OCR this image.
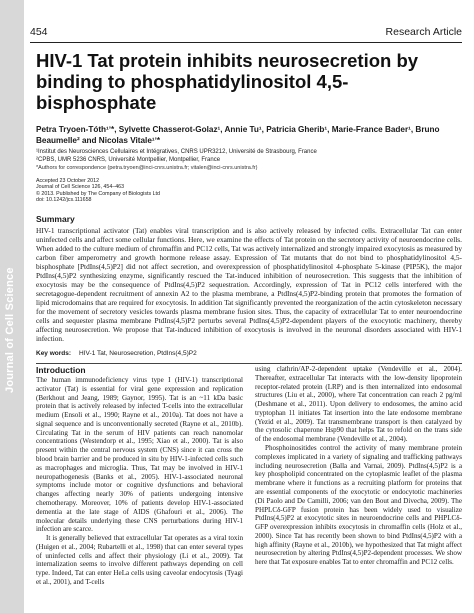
Journal of Cell Science
454	Research Article
HIV-1 Tat protein inhibits neurosecretion by binding to phosphatidylinositol 4,5-bisphosphate
Petra Tryoen-Tóth¹ʼ*, Sylvette Chasserot-Golaz¹, Annie Tu¹, Patricia Gherib¹, Marie-France Bader¹, Bruno Beaumelle² and Nicolas Vitale¹ʼ*
¹Institut des Neurosciences Cellulaires et Intégratives, CNRS UPR3212, Université de Strasbourg, France
²CPBS, UMR 5236 CNRS, Université Montpellier, Montpellier, France
*Authors for correspondence (petra.tryoen@inci-cnrs.unistra.fr; vitalen@inci-cnrs.unistra.fr)
Accepted 23 October 2012
Journal of Cell Science 126, 454–463
© 2013. Published by The Company of Biologists Ltd
doi: 10.1242/jcs.111658
Summary

HIV-1 transcriptional activator (Tat) enables viral transcription and is also actively released by infected cells. Extracellular Tat can enter uninfected cells and affect some cellular functions. Here, we examine the effects of Tat protein on the secretory activity of neuroendocrine cells. When added to the culture medium of chromaffin and PC12 cells, Tat was actively internalized and strongly impaired exocytosis as measured by carbon fiber amperometry and growth hormone release assay. Expression of Tat mutants that do not bind to phosphatidylinositol 4,5-bisphosphate [PtdIns(4,5)P2] did not affect secretion, and overexpression of phosphatidylinositol 4-phosphate 5-kinase (PIP5K), the major PtdIns(4,5)P2 synthesizing enzyme, significantly rescued the Tat-induced inhibition of neurosecretion. This suggests that the inhibition of exocytosis may be the consequence of PtdIns(4,5)P2 sequestration. Accordingly, expression of Tat in PC12 cells interfered with the secretagogue-dependent recruitment of annexin A2 to the plasma membrane, a PtdIns(4,5)P2-binding protein that promotes the formation of lipid microdomains that are required for exocytosis. In addition Tat significantly prevented the reorganization of the actin cytoskeleton necessary for the movement of secretory vesicles towards plasma membrane fusion sites. Thus, the capacity of extracellular Tat to enter neuroendocrine cells and sequester plasma membrane PtdIns(4,5)P2 perturbs several PtdIns(4,5)P2-dependent players of the exocytotic machinery, thereby affecting neurosecretion. We propose that Tat-induced inhibition of exocytosis is involved in the neuronal disorders associated with HIV-1 infection.

Key words: HIV-1 Tat, Neurosecretion, PtdIns(4,5)P2
Introduction

The human immunodeficiency virus type I (HIV-1) transcriptional activator (Tat) is essential for viral gene expression and replication (Berkhout and Jeang, 1989; Gaynor, 1995). Tat is an ~11 kDa basic protein that is actively released by infected T-cells into the extracellular medium (Ensoli et al., 1990; Rayne et al., 2010a). Tat does not have a signal sequence and is unconventionally secreted (Rayne et al., 2010b). Circulating Tat in the serum of HIV patients can reach nanomolar concentrations (Westendorp et al., 1995; Xiao et al., 2000). Tat is also present within the central nervous system (CNS) since it can cross the blood brain barrier and be produced in situ by HIV-1-infected cells such as macrophages and microglia. Thus, Tat may be involved in HIV-1 neuropathogenesis (Banks et al., 2005). HIV-1-associated neuronal symptoms include motor or cognitive dysfunctions and behavioral changes affecting nearly 30% of patients undergoing intensive chemotherapy. Moreover, 10% of patients develop HIV-1-associated dementia at the late stage of AIDS (Ghafouri et al., 2006). The molecular details underlying these CNS perturbations during HIV-1 infection are scarce.

It is generally believed that extracellular Tat operates as a viral toxin (Huigen et al., 2004; Rubartelli et al., 1998) that can enter several types of uninfected cells and affect their physiology (Li et al., 2009). Tat internalization seems to involve different pathways depending on cell type. Indeed, Tat can enter HeLa cells using caveolar endocytosis (Tyagi et al., 2001), and T-cells

using clathrin/AP-2-dependent uptake (Vendeville et al., 2004). Thereafter, extracellular Tat interacts with the low-density lipoprotein receptor-related protein (LRP) and is then internalized into endosomal structures (Liu et al., 2000), where Tat concentration can reach 2 pg/ml (Deshmane et al., 2011). Upon delivery to endosomes, the amino acid tryptophan 11 initiates Tat insertion into the late endosome membrane (Yezid et al., 2009). Tat transmembrane transport is then catalyzed by the cytosolic chaperone Hsp90 that helps Tat to refold on the trans side of the endosomal membrane (Vendeville et al., 2004).

Phosphoinositides control the activity of many membrane protein complexes implicated in a variety of signaling and trafficking pathways including neurosecretion (Balla and Varnai, 2009). PtdIns(4,5)P2 is a key phospholipid concentrated on the cytoplasmic leaflet of the plasma membrane where it functions as a recruiting platform for proteins that are essential components of the exocytotic or endocytotic machineries (Di Paolo and De Camilli, 2006; van den Bout and Divecha, 2009). The PHPLCδ-GFP fusion protein has been widely used to visualize PtdIns(4,5)P2 at exocytotic sites in neuroendocrine cells and PHPLCδ-GFP overexpression inhibits exocytosis in chromaffin cells (Holz et al., 2000). Since Tat has recently been shown to bind PtdIns(4,5)P2 with a high affinity (Rayne et al., 2010b), we hypothesized that Tat might affect neurosecretion by altering PtdIns(4,5)P2-dependent processes. We show here that Tat exposure enables Tat to enter chromaffin and PC12 cells.
